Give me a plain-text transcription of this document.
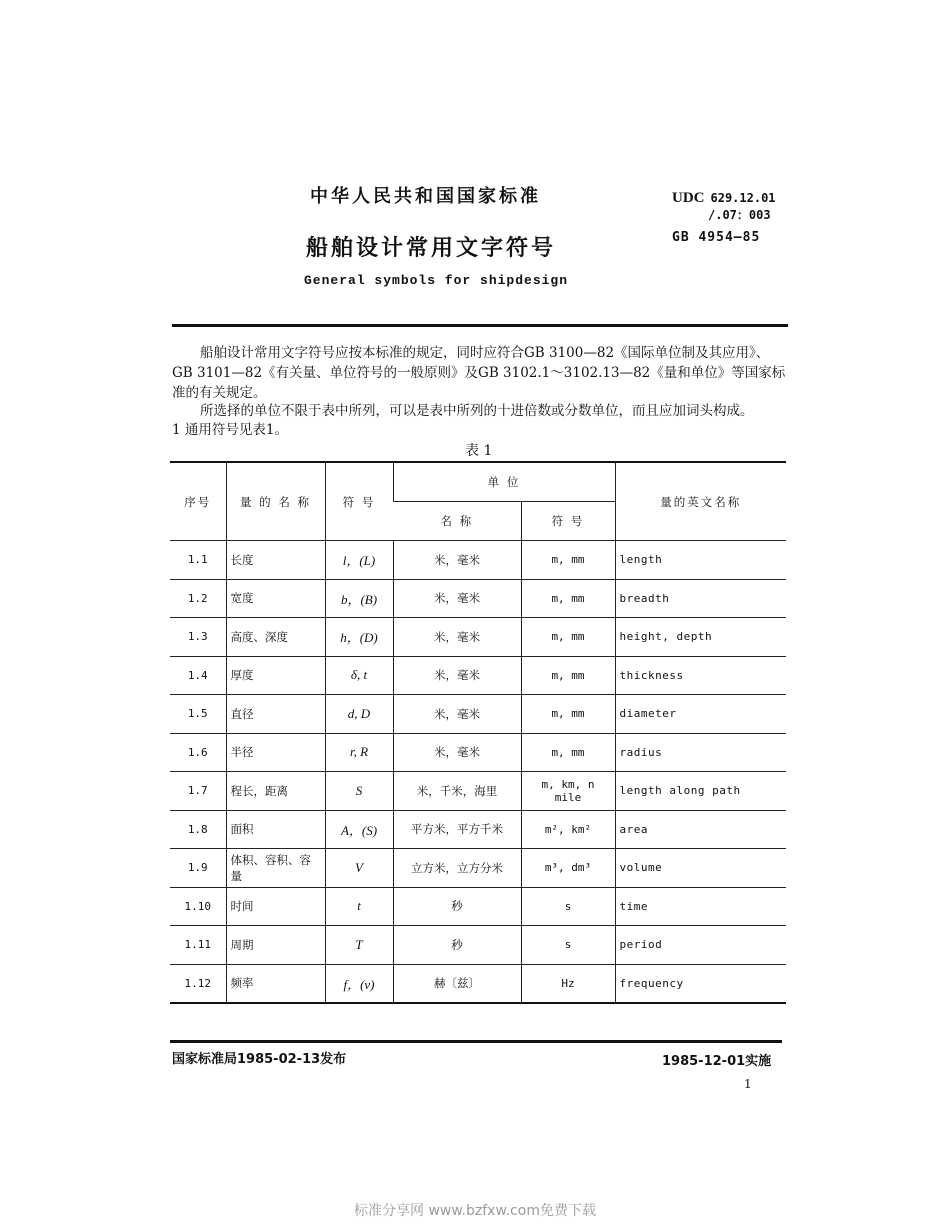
中华人民共和国国家标准
船舶设计常用文字符号
General symbols for shipdesign
UDC 629.12.01
/.07：003
GB 4954—85
船舶设计常用文字符号应按本标准的规定，同时应符合GB 3100—82《国际单位制及其应用》、GB 3101—82《有关量、单位符号的一般原则》及GB 3102.1～3102.13—82《量和单位》等国家标准的有关规定。
所选择的单位不限于表中所列，可以是表中所列的十进倍数或分数单位，而且应加词头构成。
1 通用符号见表1。
表 1
序号	量 的 名 称	符 号	单 位		量的英文名称
			名 称	符 号	
1.1	长度	l，(L)	米，毫米	m, mm	length
1.2	宽度	b，(B)	米，毫米	m, mm	breadth
1.3	高度、深度	h，(D)	米，毫米	m, mm	height, depth
1.4	厚度	δ, t	米，毫米	m, mm	thickness
1.5	直径	d, D	米，毫米	m, mm	diameter
1.6	半径	r, R	米，毫米	m, mm	radius
1.7	程长，距离	S	米，千米，海里	m, km, n mile	length along path
1.8	面积	A，(S)	平方米，平方千米	m², km²	area
1.9	体积、容积、容量	V	立方米，立方分米	m³, dm³	volume
1.10	时间	t	秒	s	time
1.11	周期	T	秒	s	period
1.12	频率	f，(ν)	赫〔兹〕	Hz	frequency
国家标准局1985-02-13发布	1985-12-01实施
1
标准分享网 www.bzfxw.com免费下载
